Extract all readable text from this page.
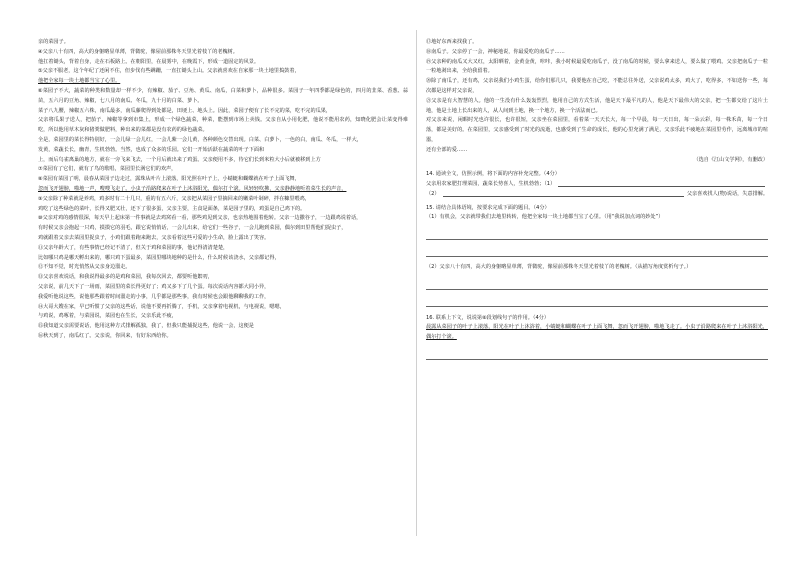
亲的菜园子。

④父亲八十有四，高大的身躯略显单薄，背微驼，像屋前那株冬天里光着枝丫的老槐树。

他扛着锄头，背着自身，走在石板路上。在朝阳里，在晨雾中，在晚霞下，形成一道固定的风景。

⑤父亲不服老，这个年纪了还闲不住，但步伐有些蹒跚，一直扛锄头上山。父亲就喜欢在自家那一块土地里捣鼓着，

他把全家每一块土地都当宝了心里。

⑥菜园子不大，蔬菜的种类和数量却一样不少，有辣椒、茄子、豆角、黄瓜、南瓜，白菜和萝卜，品种很多。菜园子一年四季都是绿色的，四月的韭菜、香葱、蒜苗，五六月的豆角、辣椒，七八月的南瓜、冬瓜，九十月的白菜、萝卜。

菜子八九腰，辣椒五六株，南瓜最多，南瓜藤爬得到处都是，田埂上、地头上。因此，菜园子便有了长不完的菜，吃不完的瓜果，

父亲将瓜果子送人，把茄子、辣椒等拿到市集上，形成一个绿色蔬菜，种菜，能摆到市场上卖钱。父亲自从小用化肥，他说不能用农药，知晓化肥会让菜变得难吃，所以他用草木灰和猪粪做肥料，种出来的菜都是没有农药的绿色蔬菜。

全是，菜园里的菜长得特别好，一会儿绿一会儿红，一会儿紫一会儿黄，各种颜色交替出现。白菜、白萝卜，一色的白，南瓜、冬瓜，一样大，

发黄，菜蔬长长，幽青，生机勃勃。当然，也成了众多的乐园。它们一开始活跃在蔬菜的叶子下面和

上，而后鸟雀离巢的地方，就在一旁飞来飞去，一个月后就出来了鸡蛋。父亲便用不多，待它们长到米粒大小后就被移到上方

⑦菜园有了它们，就有了鸟的歌唱，菜园里长满它们的欢声，

⑧菜园有菜园了明，晨春从菜园子边走过，露珠从叶片上滚落，阳光照在叶子上，小蜻蜓和蝴蝶就在叶子上面飞舞，

忽而飞开翅膀，啪地一声，嗖嗖飞走了。小虫子沿路爬来在叶子上沐浴阳光，偶尔打个滚。风轻轻吹拂，父亲静静地听着菜生长的声音，

⑨父亲除了种菜就是养鸡，鸡多时有二十几只，重的有五六斤，父亲把从菜园子里摘回来的嫩菜叶剁碎，拌在糠里喂鸡，

鸡吃了这些绿色的菜叶，长得又肥又壮，还下了很多蛋，父亲主要，主食是面条，菜是园子里的，鸡蛋是自己鸡下的。

⑩父亲对鸡的感情很深，每天早上起床第一件事就是去鸡窝看一看，那些鸡见到父亲，也亲热地围着他转。父亲一边撒谷子，一边跟鸡说着话，

有时候父亲会抱起一只鸡，摸摸它的羽毛，跟它说悄悄话，一会儿出来，给它们一些谷子，一会儿跑到菜园，偶尔到田里帮他们捉虫子，

鸡就跟着父亲去菜园里捉虫子，小鸡们跟着跑来跑去，父亲看着这些可爱的小生命，脸上露出了笑容。

⑪父亲年龄大了，有些事情已经记不清了，但关于鸡和菜园的事，他记得清清楚楚，

比如哪只鸡是哪天孵出来的，哪只鸡下蛋最多，菜园里哪块地种的是什么，什么时候该浇水，父亲都记得，

⑫不知不觉，时光悄然从父亲身边溜走。

⑬父亲喜欢说话，和我说得最多的是鸡和菜园，我每次回去，都要听他絮叨，

父亲说，前几天下了一场雨，菜园里的菜长得更好了；鸡又多下了几个蛋。每次说话内容都大同小异，

我爱听他说这些，说他那些跟着时间溜走的小事，几乎都是那些事，我有时候也会跟他聊聊我的工作，

⑭大哥大嫂在家，早已听惯了父亲的这些话，说他不要再折腾了，手机，父亲拿着电视机，与电视说，嗯嗯，

与鸡说，鸡啄着，与菜园说，菜园也在生长，父亲乐此不疲，

⑮我知道父亲需要说话，他用这种方式排解孤独，我了，但我只能捕捉这些，他说一会，这便是

⑯秋天到了，南瓜红了。父亲说，你回来，有好东西给你。

⑰地好东西来找我了。

⑱南瓜子。父亲停了一会，神秘地说，你最爱吃的南瓜子……

⑲父亲种的南瓜又大又红，太阳晒着，金黄金黄，咔咔，我小时候最爱吃南瓜子，没了南瓜的时候，要么拿来送人，要么做了喂鸡。父亲把南瓜子一粒一粒地剥出来，全给我留着。

⑳除了南瓜子，还有鸡，父亲说我们小鸡生蛋，给你们那几只，我要他在自己吃，不能总往外送，父亲说鸡太多，鸡大了，吃得多，不如送你一些，每次都是这样对父亲说，

㉑父亲是有大智慧的人。他的一生没有什么轰轰烈烈，他用自己的方式生活，他是天下最平凡的人，他是天下最伟大的父亲，把一生都交给了这片土地，他是土地上长出来的人，从人间到土地，换一个地方，换一个活法而已。

对父亲来说，闲暇时光也许很长，也许很短，父亲坐在菜园里，看着菜一天天长大，每一个早晨，每一天日出，每一朵云彩，每一株禾苗，每一个日落，都是美好的。在菜园里，父亲感受到了时光的流逝，也感受到了生命的成长，他的心里充满了满足，父亲乐此不疲地在菜园里劳作，远离城市的喧嚣，

还有全部的爱……

（选自《江山文学网》，有删改）

14. 通读全文，仿照示例，将下面的内容补充完整。（4分）

父亲用农家肥打理菜园，蔬菜长势喜人，生机勃勃；（1）
（2）	父亲喜欢找人(物)说话，失意排解。

15. 请结合具体语境，按要求完成下面的题目。（4分）

（1）有机会，父亲就带我们去地里转转，他把全家每一块土地都当宝了心里。（用“我说加点词的妙处”）

（2）父亲八十有四，高大的身躯略显单薄，背微驼，像屋前那株冬天里光着枝丫的老槐树。（从描写角度赏析句子。）

16. 联系上下文，说说第⑧段划线句子的作用。（4分）

晨露从菜园子的叶子上滚落，阳光在叶子上沐浴着，小蜻蜓和蝴蝶在叶子上面飞舞，忽而飞开翅膀，啪地飞走了。小虫子沿路爬来在叶子上沐浴阳光，偶尔打个滚。
